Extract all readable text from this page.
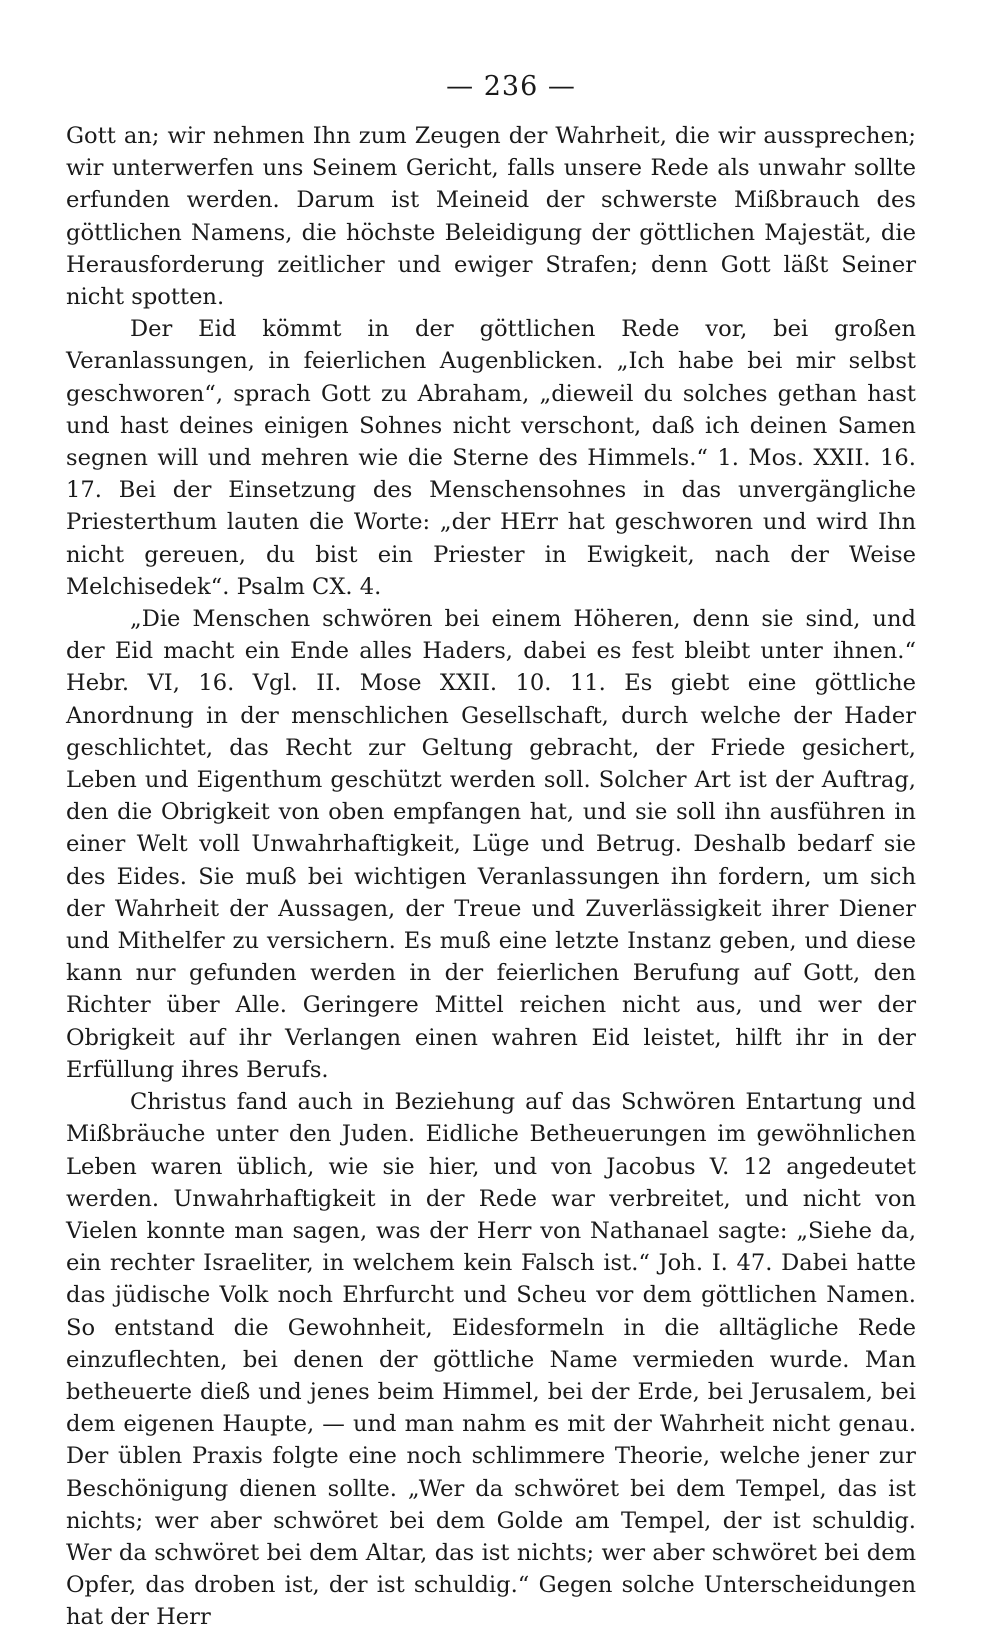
— 236 —

Gott an; wir nehmen Ihn zum Zeugen der Wahrheit, die wir aussprechen; wir unterwerfen uns Seinem Gericht, falls unsere Rede als unwahr sollte erfunden werden. Darum ist Meineid der schwerste Mißbrauch des göttlichen Namens, die höchste Beleidigung der göttlichen Majestät, die Herausforderung zeitlicher und ewiger Strafen; denn Gott läßt Seiner nicht spotten.

Der Eid kömmt in der göttlichen Rede vor, bei großen Veranlassungen, in feierlichen Augenblicken. „Ich habe bei mir selbst geschworen“, sprach Gott zu Abraham, „dieweil du solches gethan hast und hast deines einigen Sohnes nicht verschont, daß ich deinen Samen segnen will und mehren wie die Sterne des Himmels.“ 1. Mos. XXII. 16. 17. Bei der Einsetzung des Menschensohnes in das unvergängliche Priesterthum lauten die Worte: „der HErr hat geschworen und wird Ihn nicht gereuen, du bist ein Priester in Ewigkeit, nach der Weise Melchisedek“. Psalm CX. 4.

„Die Menschen schwören bei einem Höheren, denn sie sind, und der Eid macht ein Ende alles Haders, dabei es fest bleibt unter ihnen.“ Hebr. VI, 16. Vgl. II. Mose XXII. 10. 11. Es giebt eine göttliche Anordnung in der menschlichen Gesellschaft, durch welche der Hader geschlichtet, das Recht zur Geltung gebracht, der Friede gesichert, Leben und Eigenthum geschützt werden soll. Solcher Art ist der Auftrag, den die Obrigkeit von oben empfangen hat, und sie soll ihn ausführen in einer Welt voll Unwahrhaftigkeit, Lüge und Betrug. Deshalb bedarf sie des Eides. Sie muß bei wichtigen Veranlassungen ihn fordern, um sich der Wahrheit der Aussagen, der Treue und Zuverlässigkeit ihrer Diener und Mithelfer zu versichern. Es muß eine letzte Instanz geben, und diese kann nur gefunden werden in der feierlichen Berufung auf Gott, den Richter über Alle. Geringere Mittel reichen nicht aus, und wer der Obrigkeit auf ihr Verlangen einen wahren Eid leistet, hilft ihr in der Erfüllung ihres Berufs.

Christus fand auch in Beziehung auf das Schwören Entartung und Mißbräuche unter den Juden. Eidliche Betheuerungen im gewöhnlichen Leben waren üblich, wie sie hier, und von Jacobus V. 12 angedeutet werden. Unwahrhaftigkeit in der Rede war verbreitet, und nicht von Vielen konnte man sagen, was der Herr von Nathanael sagte: „Siehe da, ein rechter Israeliter, in welchem kein Falsch ist.“ Joh. I. 47. Dabei hatte das jüdische Volk noch Ehrfurcht und Scheu vor dem göttlichen Namen. So entstand die Gewohnheit, Eidesformeln in die alltägliche Rede einzuflechten, bei denen der göttliche Name vermieden wurde. Man betheuerte dieß und jenes beim Himmel, bei der Erde, bei Jerusalem, bei dem eigenen Haupte, — und man nahm es mit der Wahrheit nicht genau. Der üblen Praxis folgte eine noch schlimmere Theorie, welche jener zur Beschönigung dienen sollte. „Wer da schwöret bei dem Tempel, das ist nichts; wer aber schwöret bei dem Golde am Tempel, der ist schuldig. Wer da schwöret bei dem Altar, das ist nichts; wer aber schwöret bei dem Opfer, das droben ist, der ist schuldig.“ Gegen solche Unterscheidungen hat der Herr
